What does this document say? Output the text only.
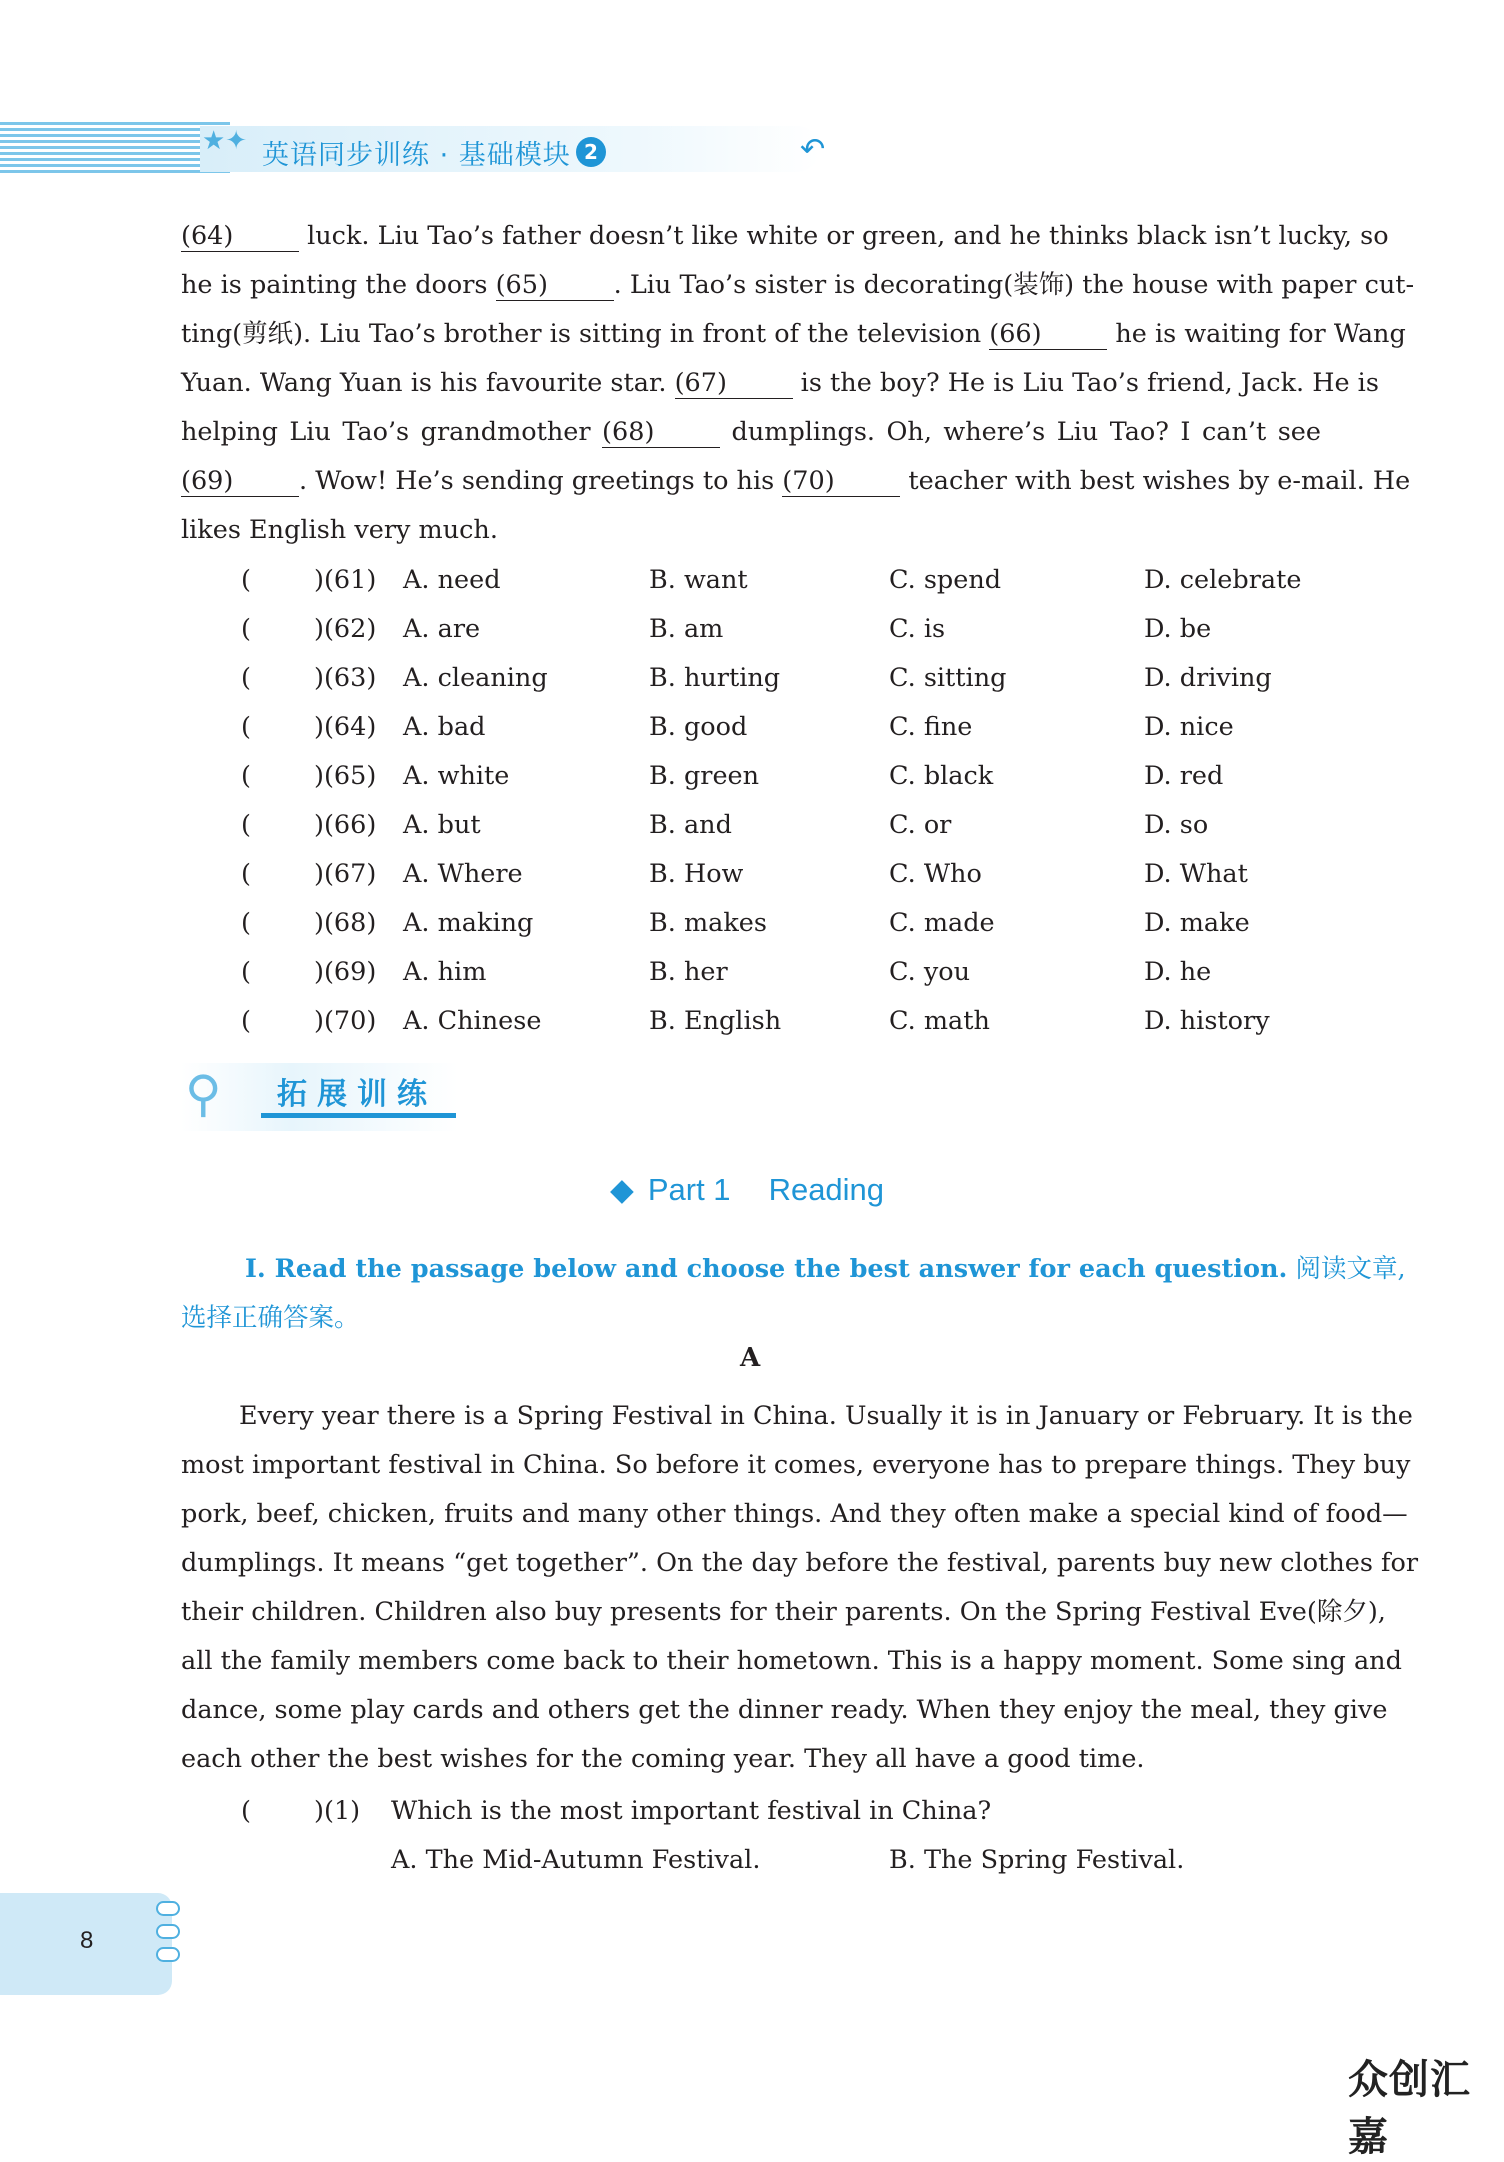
★✦ 英语同步训练 · 基础模块 2	↶
(64)	luck. Liu Tao’s father doesn’t like white or green, and he thinks black isn’t lucky, so
he is painting the doors (65)	. Liu Tao’s sister is decorating(装饰) the house with paper cut-
ting(剪纸). Liu Tao’s brother is sitting in front of the television (66)	he is waiting for Wang
Yuan. Wang Yuan is his favourite star. (67)	is the boy? He is Liu Tao’s friend, Jack. He is
helping Liu Tao’s grandmother (68)	dumplings. Oh, where’s Liu Tao? I can’t see
(69)	. Wow! He’s sending greetings to his (70)	teacher with best wishes by e-mail. He
likes English very much.
( )(61) A. need	B. want	C. spend	D. celebrate
( )(62) A. are	B. am	C. is	D. be
( )(63) A. cleaning	B. hurting	C. sitting	D. driving
( )(64) A. bad	B. good	C. fine	D. nice
( )(65) A. white	B. green	C. black	D. red
( )(66) A. but	B. and	C. or	D. so
( )(67) A. Where	B. How	C. Who	D. What
( )(68) A. making	B. makes	C. made	D. make
( )(69) A. him	B. her	C. you	D. he
( )(70) A. Chinese	B. English	C. math	D. history
⚲ 拓展训练
◆ Part 1 Reading
Ⅰ. Read the passage below and choose the best answer for each question. 阅读文章,
选择正确答案。
A
Every year there is a Spring Festival in China. Usually it is in January or February. It is the
most important festival in China. So before it comes, everyone has to prepare things. They buy
pork, beef, chicken, fruits and many other things. And they often make a special kind of food—
dumplings. It means “get together”. On the day before the festival, parents buy new clothes for
their children. Children also buy presents for their parents. On the Spring Festival Eve(除夕),
all the family members come back to their hometown. This is a happy moment. Some sing and
dance, some play cards and others get the dinner ready. When they enjoy the meal, they give
each other the best wishes for the coming year. They all have a good time.
( )
(1) Which is the most important festival in China?
A. The Mid-Autumn Festival.	B. The Spring Festival.
8
众创汇嘉
